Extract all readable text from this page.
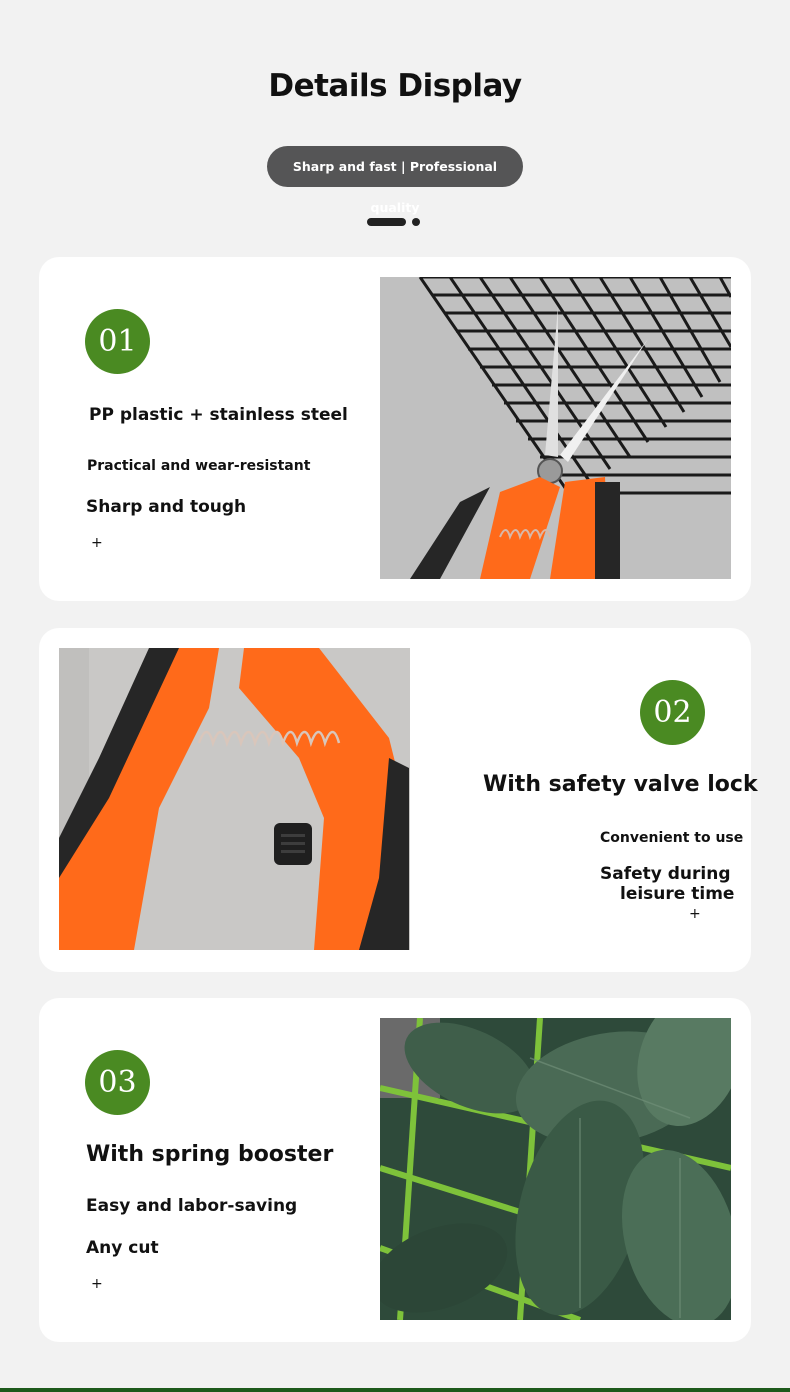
Details Display
Sharp and fast | Professional quality
01
PP plastic + stainless steel
Practical and wear-resistant
Sharp and tough
+
02
With safety valve lock
Convenient to use
Safety during
leisure time
+
03
With spring booster
Easy and labor-saving
Any cut
+
